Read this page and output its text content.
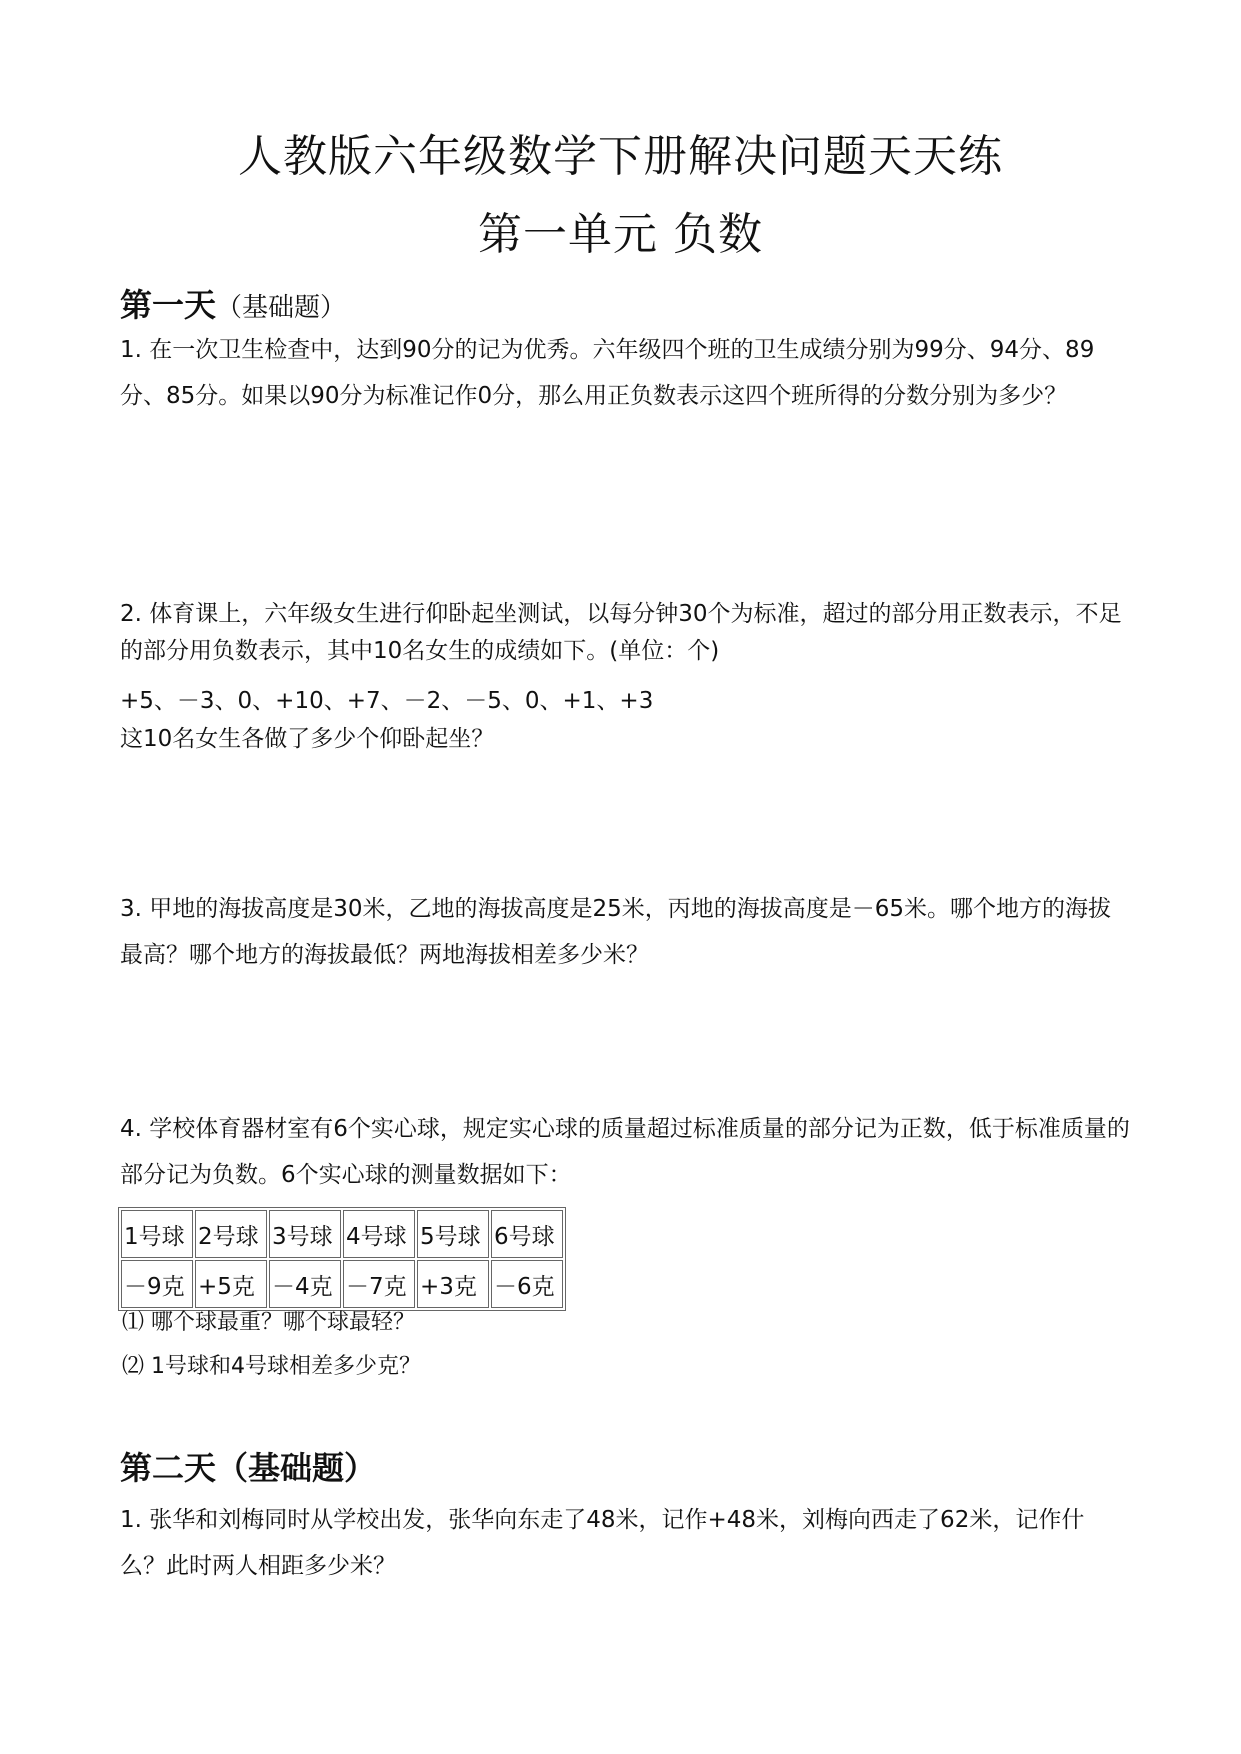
人教版六年级数学下册解决问题天天练
第一单元 负数
第一天（基础题）
1. 在一次卫生检查中，达到90分的记为优秀。六年级四个班的卫生成绩分别为99分、94分、89分、85分。如果以90分为标准记作0分，那么用正负数表示这四个班所得的分数分别为多少？
2. 体育课上，六年级女生进行仰卧起坐测试，以每分钟30个为标准，超过的部分用正数表示，不足的部分用负数表示，其中10名女生的成绩如下。(单位：个)
+5、－3、0、+10、+7、－2、－5、0、+1、+3
这10名女生各做了多少个仰卧起坐？
3. 甲地的海拔高度是30米，乙地的海拔高度是25米，丙地的海拔高度是－65米。哪个地方的海拔最高？哪个地方的海拔最低？两地海拔相差多少米？
4. 学校体育器材室有6个实心球，规定实心球的质量超过标准质量的部分记为正数，低于标准质量的部分记为负数。6个实心球的测量数据如下：
1号球	2号球	3号球	4号球	5号球	6号球
－9克	+5克	－4克	－7克	+3克	－6克
⑴ 哪个球最重？哪个球最轻？
⑵ 1号球和4号球相差多少克？
第二天（基础题）
1. 张华和刘梅同时从学校出发，张华向东走了48米，记作+48米，刘梅向西走了62米，记作什么？此时两人相距多少米？
